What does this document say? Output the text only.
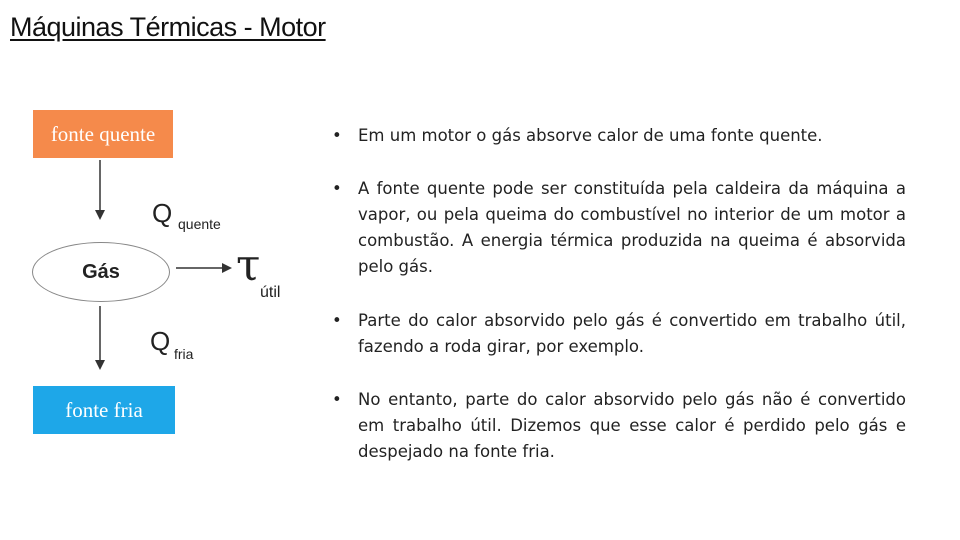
Máquinas Térmicas - Motor
fonte quente
Q quente
Gás	τ
útil
Q fria
fonte fria
• Em um motor o gás absorve calor de uma fonte quente.
• A fonte quente pode ser constituída pela caldeira da máquina a vapor, ou pela queima do combustível no interior de um motor a combustão. A energia térmica produzida na queima é absorvida pelo gás.
• Parte do calor absorvido pelo gás é convertido em trabalho útil, fazendo a roda girar, por exemplo.
• No entanto, parte do calor absorvido pelo gás não é convertido em trabalho útil. Dizemos que esse calor é perdido pelo gás e despejado na fonte fria.
